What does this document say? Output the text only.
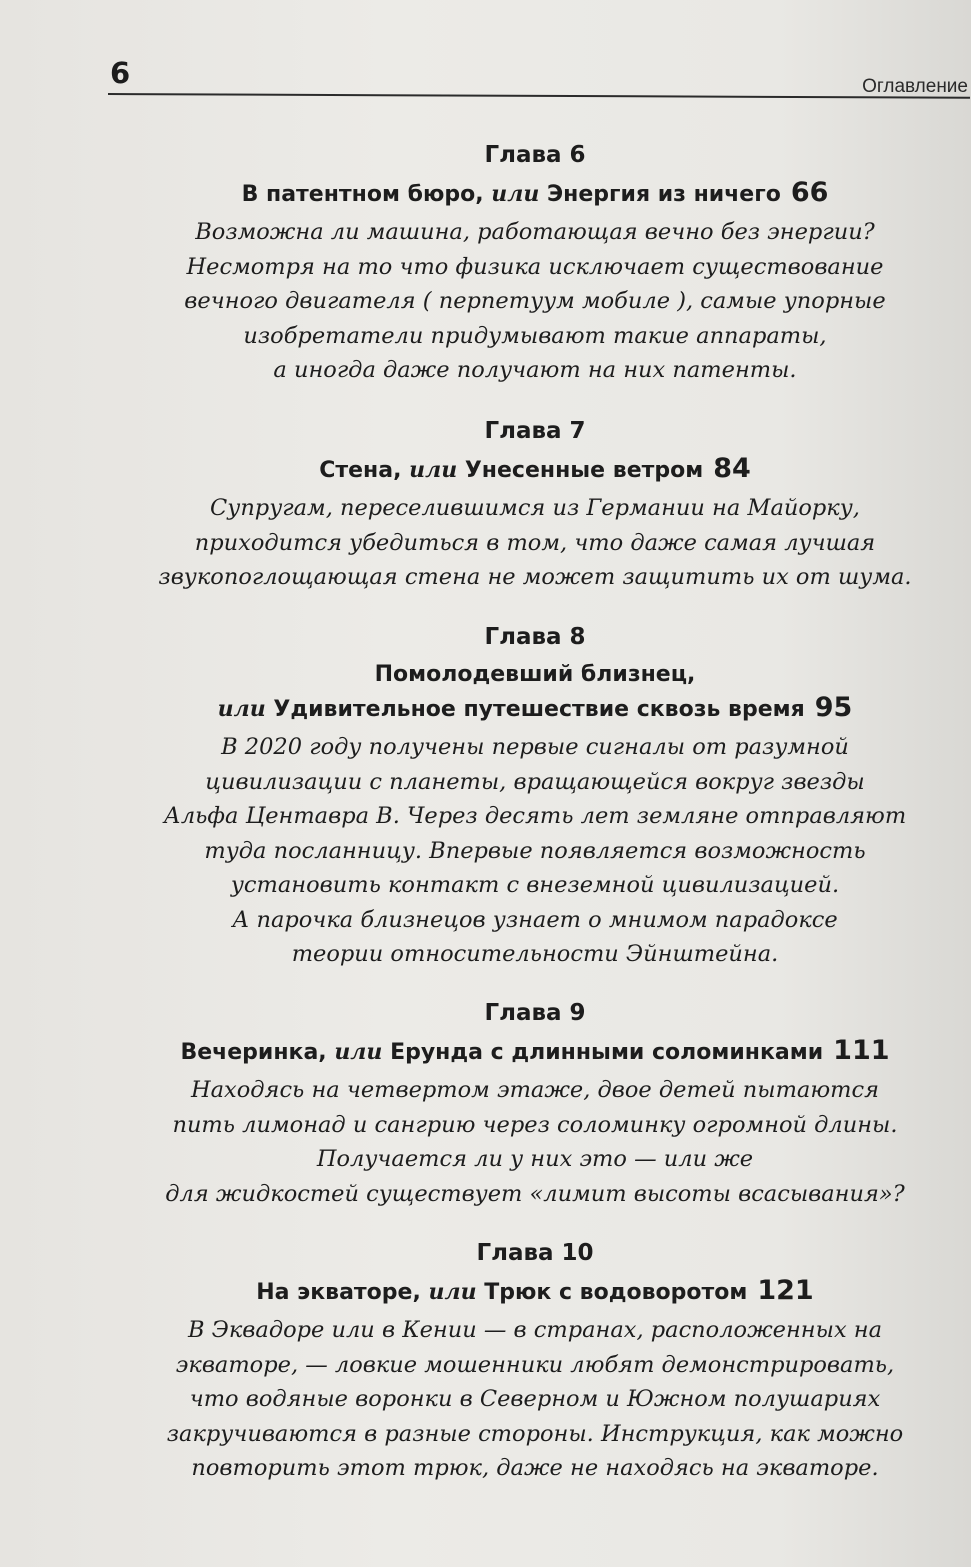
6	Оглавление
Глава 6
В патентном бюро, или Энергия из ничего 66
Возможна ли машина, работающая вечно без энергии?
Несмотря на то что физика исключает существование
вечного двигателя ( перпетуум мобиле ), самые упорные
изобретатели придумывают такие аппараты,
а иногда даже получают на них патенты.
Глава 7
Стена, или Унесенные ветром 84
Супругам, переселившимся из Германии на Майорку,
приходится убедиться в том, что даже самая лучшая
звукопоглощающая стена не может защитить их от шума.
Глава 8
Помолодевший близнец,
или Удивительное путешествие сквозь время 95
В 2020 году получены первые сигналы от разумной
цивилизации с планеты, вращающейся вокруг звезды
Альфа Центавра В. Через десять лет земляне отправляют
туда посланницу. Впервые появляется возможность
установить контакт с внеземной цивилизацией.
А парочка близнецов узнает о мнимом парадоксе
теории относительности Эйнштейна.
Глава 9
Вечеринка, или Ерунда с длинными соломинками 111
Находясь на четвертом этаже, двое детей пытаются
пить лимонад и сангрию через соломинку огромной длины.
Получается ли у них это — или же
для жидкостей существует «лимит высоты всасывания»?
Глава 10
На экваторе, или Трюк с водоворотом 121
В Эквадоре или в Кении — в странах, расположенных на
экваторе, — ловкие мошенники любят демонстрировать,
что водяные воронки в Северном и Южном полушариях
закручиваются в разные стороны. Инструкция, как можно
повторить этот трюк, даже не находясь на экваторе.
